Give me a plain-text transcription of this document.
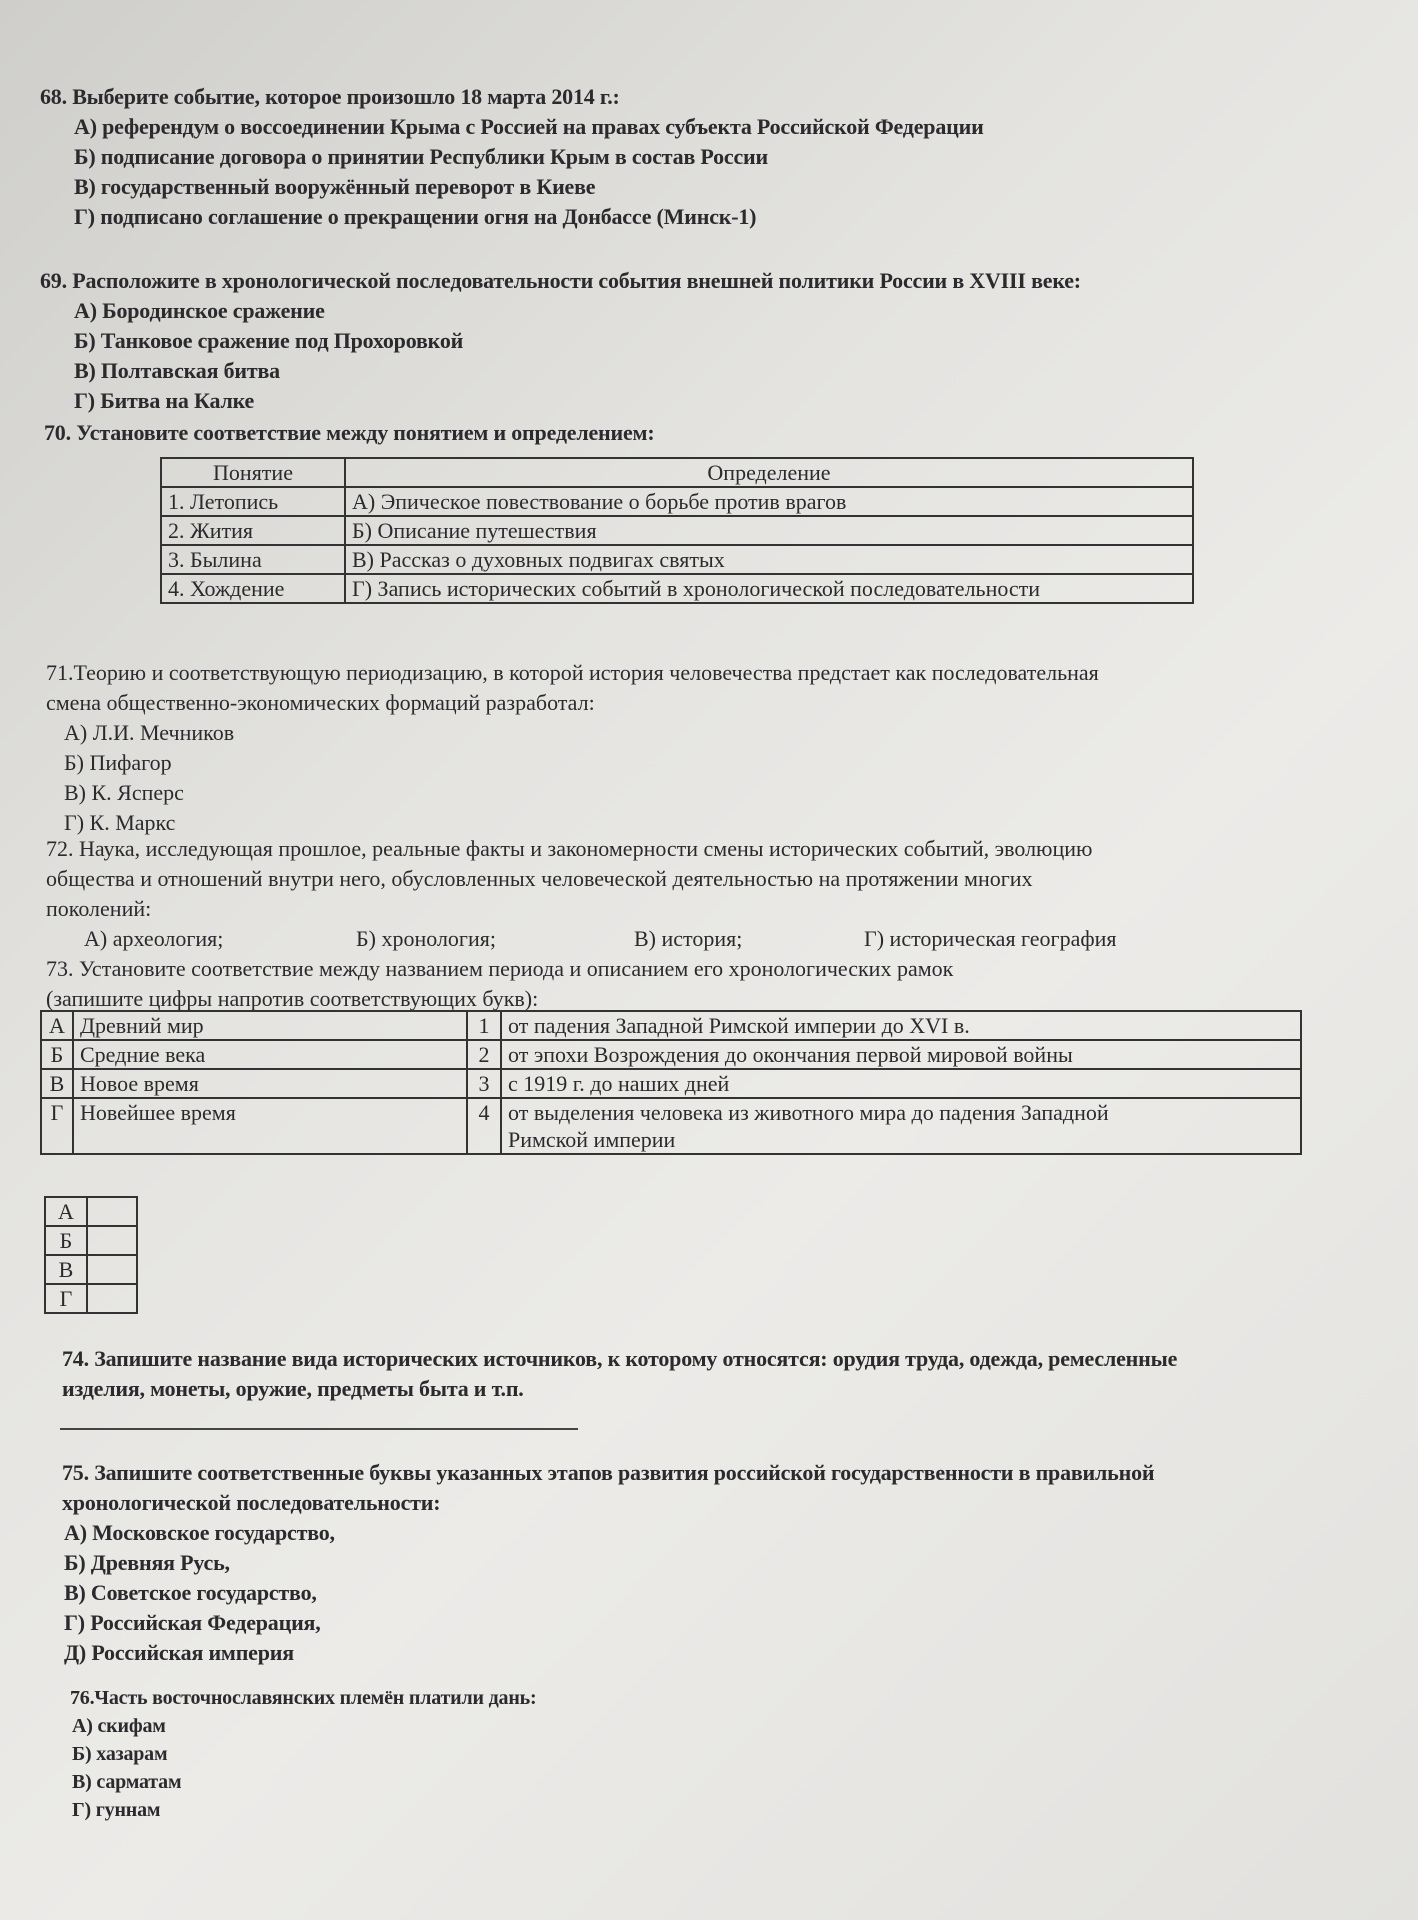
68. Выберите событие, которое произошло 18 марта 2014 г.:
А) референдум о воссоединении Крыма с Россией на правах субъекта Российской Федерации
Б) подписание договора о принятии Республики Крым в состав России
В) государственный вооружённый переворот в Киеве
Г) подписано соглашение о прекращении огня на Донбассе (Минск-1)
69. Расположите в хронологической последовательности события внешней политики России в XVIII веке:
А) Бородинское сражение
Б) Танковое сражение под Прохоровкой
В) Полтавская битва
Г) Битва на Калке
70. Установите соответствие между понятием и определением:
Понятие	Определение
1. Летопись	А) Эпическое повествование о борьбе против врагов
2. Жития	Б) Описание путешествия
3. Былина	В) Рассказ о духовных подвигах святых
4. Хождение	Г) Запись исторических событий в хронологической последовательности
71.Теорию и соответствующую периодизацию, в которой история человечества предстает как последовательная
смена общественно-экономических формаций разработал:
А) Л.И. Мечников
Б) Пифагор
В) К. Ясперс
Г) К. Маркс
72. Наука, исследующая прошлое, реальные факты и закономерности смены исторических событий, эволюцию
общества и отношений внутри него, обусловленных человеческой деятельностью на протяжении многих
поколений:
А) археология;	Б) хронология;	В) история;	Г) историческая география
73. Установите соответствие между названием периода и описанием его хронологических рамок
(запишите цифры напротив соответствующих букв):
А	Древний мир	1	от падения Западной Римской империи до XVI в.
Б	Средние века	2	от эпохи Возрождения до окончания первой мировой войны
В	Новое время	3	с 1919 г. до наших дней
Г	Новейшее время	4	от выделения человека из животного мира до падения Западной
Римской империи
А	
Б	
В	
Г	
74. Запишите название вида исторических источников, к которому относятся: орудия труда, одежда, ремесленные
изделия, монеты, оружие, предметы быта и т.п.
75. Запишите соответственные буквы указанных этапов развития российской государственности в правильной
хронологической последовательности:
А) Московское государство,
Б) Древняя Русь,
В) Советское государство,
Г) Российская Федерация,
Д) Российская империя
76.Часть восточнославянских племён платили дань:
А) скифам
Б) хазарам
В) сарматам
Г) гуннам
